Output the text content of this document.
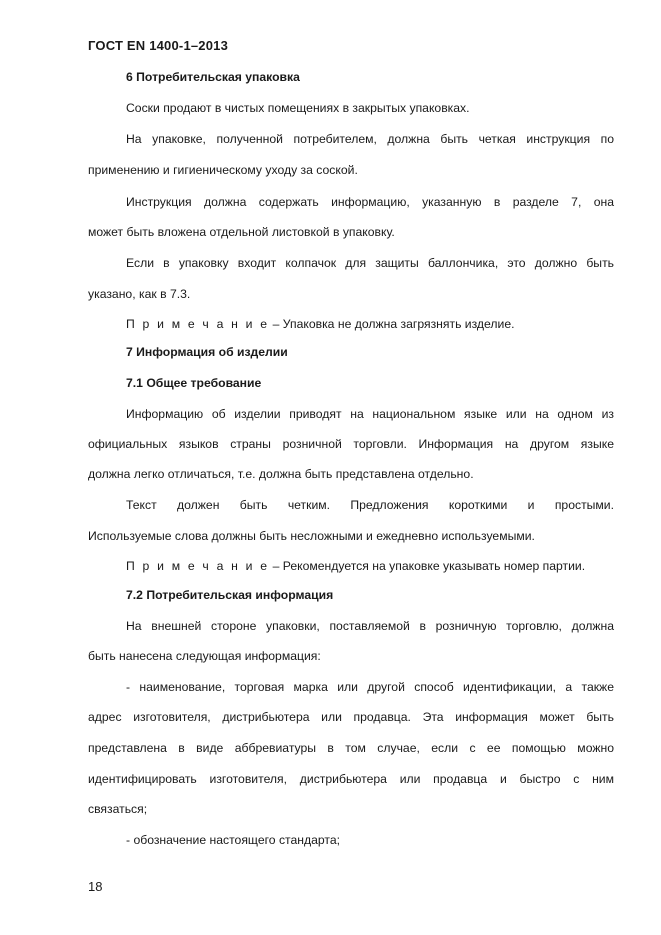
ГОСТ EN 1400-1–2013
6 Потребительская упаковка
Соски продают в чистых помещениях в закрытых упаковках.
На упаковке, полученной потребителем, должна быть четкая инструкция по
применению и гигиеническому уходу за соской.
Инструкция должна содержать информацию, указанную в разделе 7, она
может быть вложена отдельной листовкой в упаковку.
Если в упаковку входит колпачок для защиты баллончика, это должно быть
указано, как в 7.3.
П р и м е ч а н и е – Упаковка не должна загрязнять изделие.
7 Информация об изделии
7.1 Общее требование
Информацию об изделии приводят на национальном языке или на одном из
официальных языков страны розничной торговли. Информация на другом языке
должна легко отличаться, т.е. должна быть представлена отдельно.
Текст должен быть четким. Предложения короткими и простыми.
Используемые слова должны быть несложными и ежедневно используемыми.
П р и м е ч а н и е – Рекомендуется на упаковке указывать номер партии.
7.2 Потребительская информация
На внешней стороне упаковки, поставляемой в розничную торговлю, должна
быть нанесена следующая информация:
- наименование, торговая марка или другой способ идентификации, а также
адрес изготовителя, дистрибьютера или продавца. Эта информация может быть
представлена в виде аббревиатуры в том случае, если с ее помощью можно
идентифицировать изготовителя, дистрибьютера или продавца и быстро с ним
связаться;
- обозначение настоящего стандарта;
18
